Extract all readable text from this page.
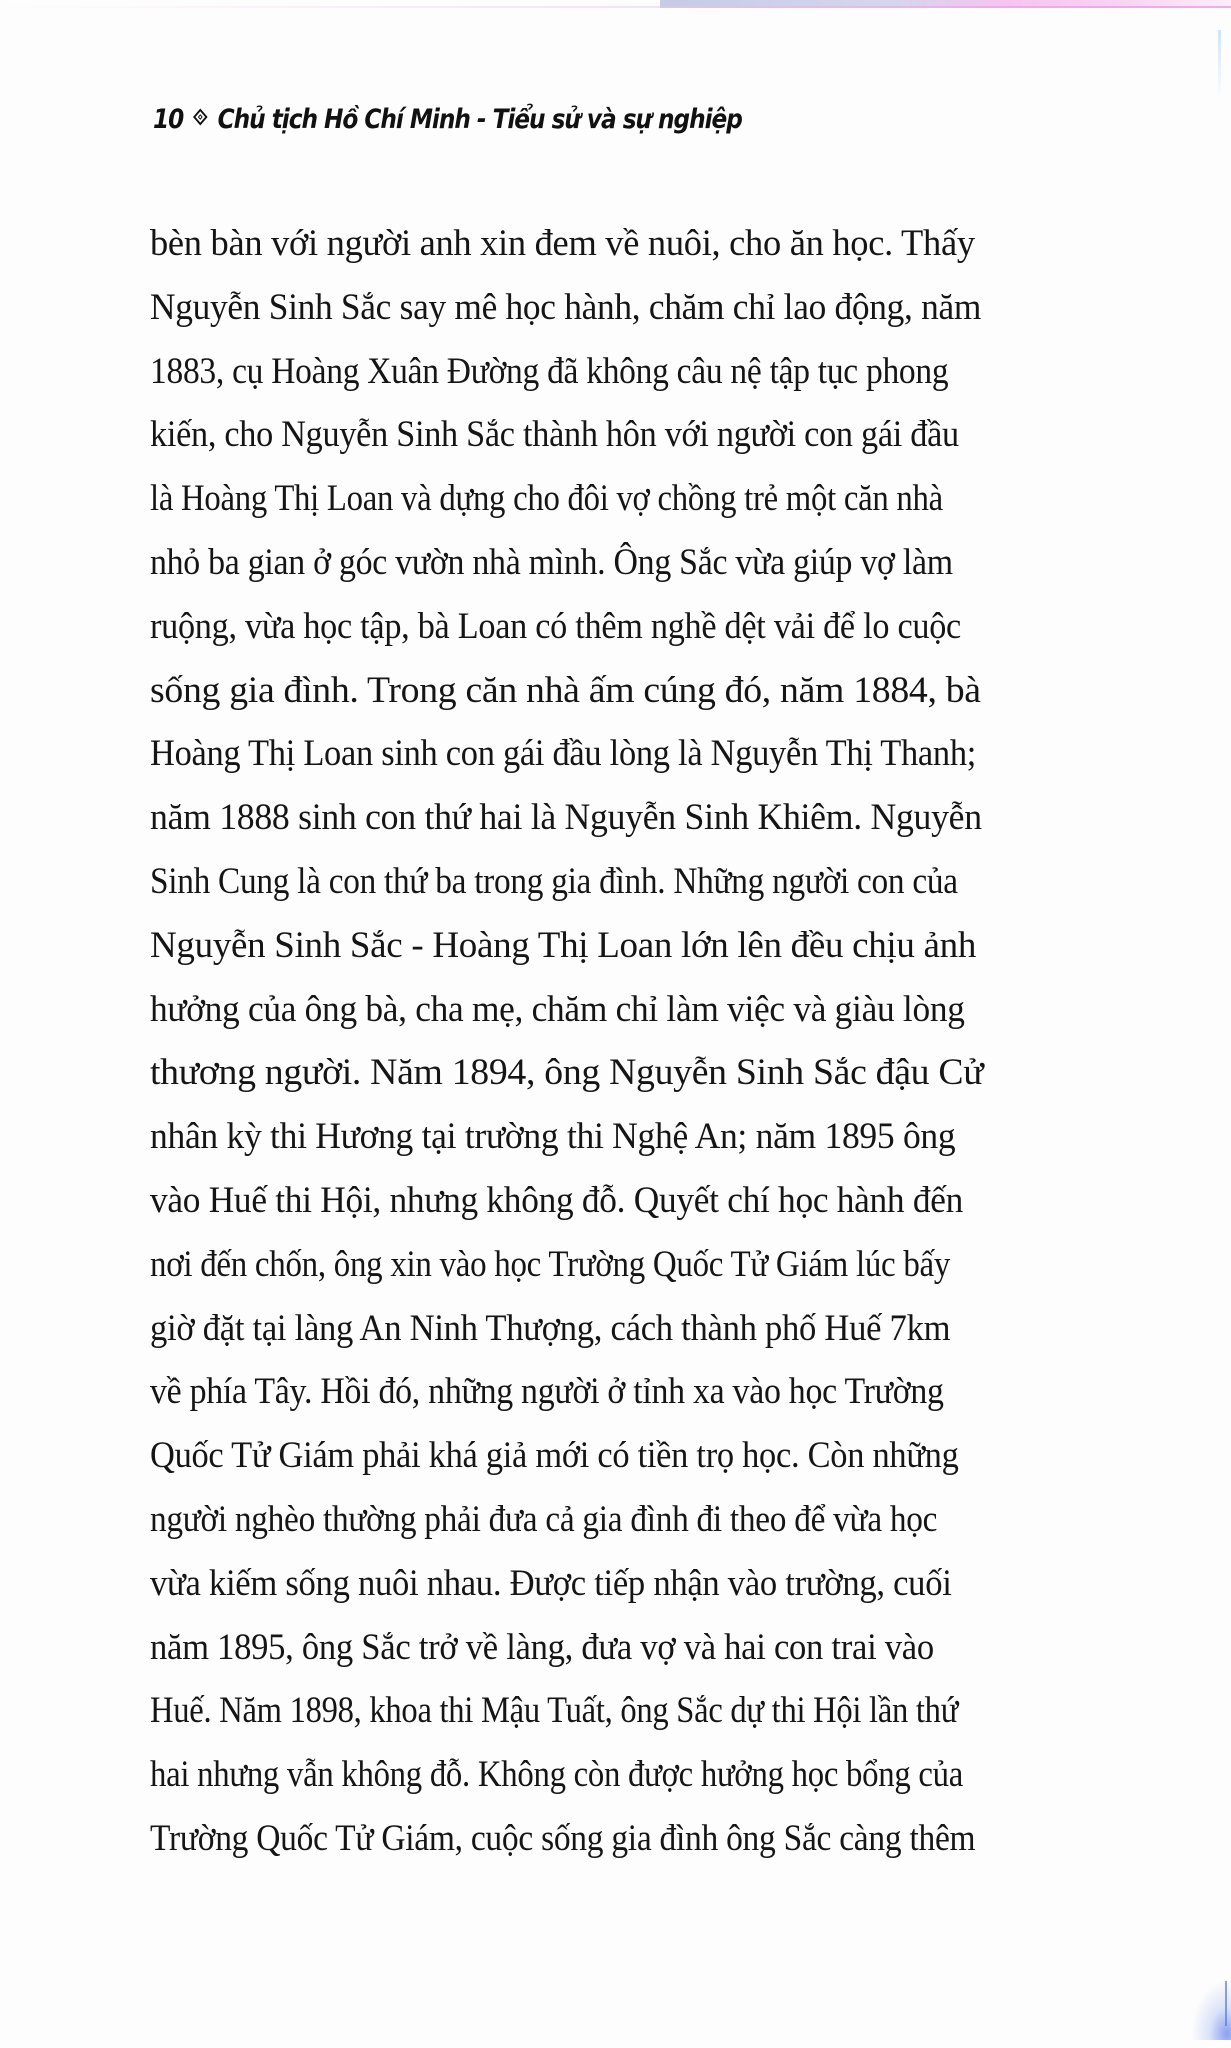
10 Chủ tịch Hồ Chí Minh - Tiểu sử và sự nghiệp
bèn bàn với người anh xin đem về nuôi, cho ăn học. Thấy
Nguyễn Sinh Sắc say mê học hành, chăm chỉ lao động, năm
1883, cụ Hoàng Xuân Đường đã không câu nệ tập tục phong
kiến, cho Nguyễn Sinh Sắc thành hôn với người con gái đầu
là Hoàng Thị Loan và dựng cho đôi vợ chồng trẻ một căn nhà
nhỏ ba gian ở góc vườn nhà mình. Ông Sắc vừa giúp vợ làm
ruộng, vừa học tập, bà Loan có thêm nghề dệt vải để lo cuộc
sống gia đình. Trong căn nhà ấm cúng đó, năm 1884, bà
Hoàng Thị Loan sinh con gái đầu lòng là Nguyễn Thị Thanh;
năm 1888 sinh con thứ hai là Nguyễn Sinh Khiêm. Nguyễn
Sinh Cung là con thứ ba trong gia đình. Những người con của
Nguyễn Sinh Sắc - Hoàng Thị Loan lớn lên đều chịu ảnh
hưởng của ông bà, cha mẹ, chăm chỉ làm việc và giàu lòng
thương người. Năm 1894, ông Nguyễn Sinh Sắc đậu Cử
nhân kỳ thi Hương tại trường thi Nghệ An; năm 1895 ông
vào Huế thi Hội, nhưng không đỗ. Quyết chí học hành đến
nơi đến chốn, ông xin vào học Trường Quốc Tử Giám lúc bấy
giờ đặt tại làng An Ninh Thượng, cách thành phố Huế 7km
về phía Tây. Hồi đó, những người ở tỉnh xa vào học Trường
Quốc Tử Giám phải khá giả mới có tiền trọ học. Còn những
người nghèo thường phải đưa cả gia đình đi theo để vừa học
vừa kiếm sống nuôi nhau. Được tiếp nhận vào trường, cuối
năm 1895, ông Sắc trở về làng, đưa vợ và hai con trai vào
Huế. Năm 1898, khoa thi Mậu Tuất, ông Sắc dự thi Hội lần thứ
hai nhưng vẫn không đỗ. Không còn được hưởng học bổng của
Trường Quốc Tử Giám, cuộc sống gia đình ông Sắc càng thêm
